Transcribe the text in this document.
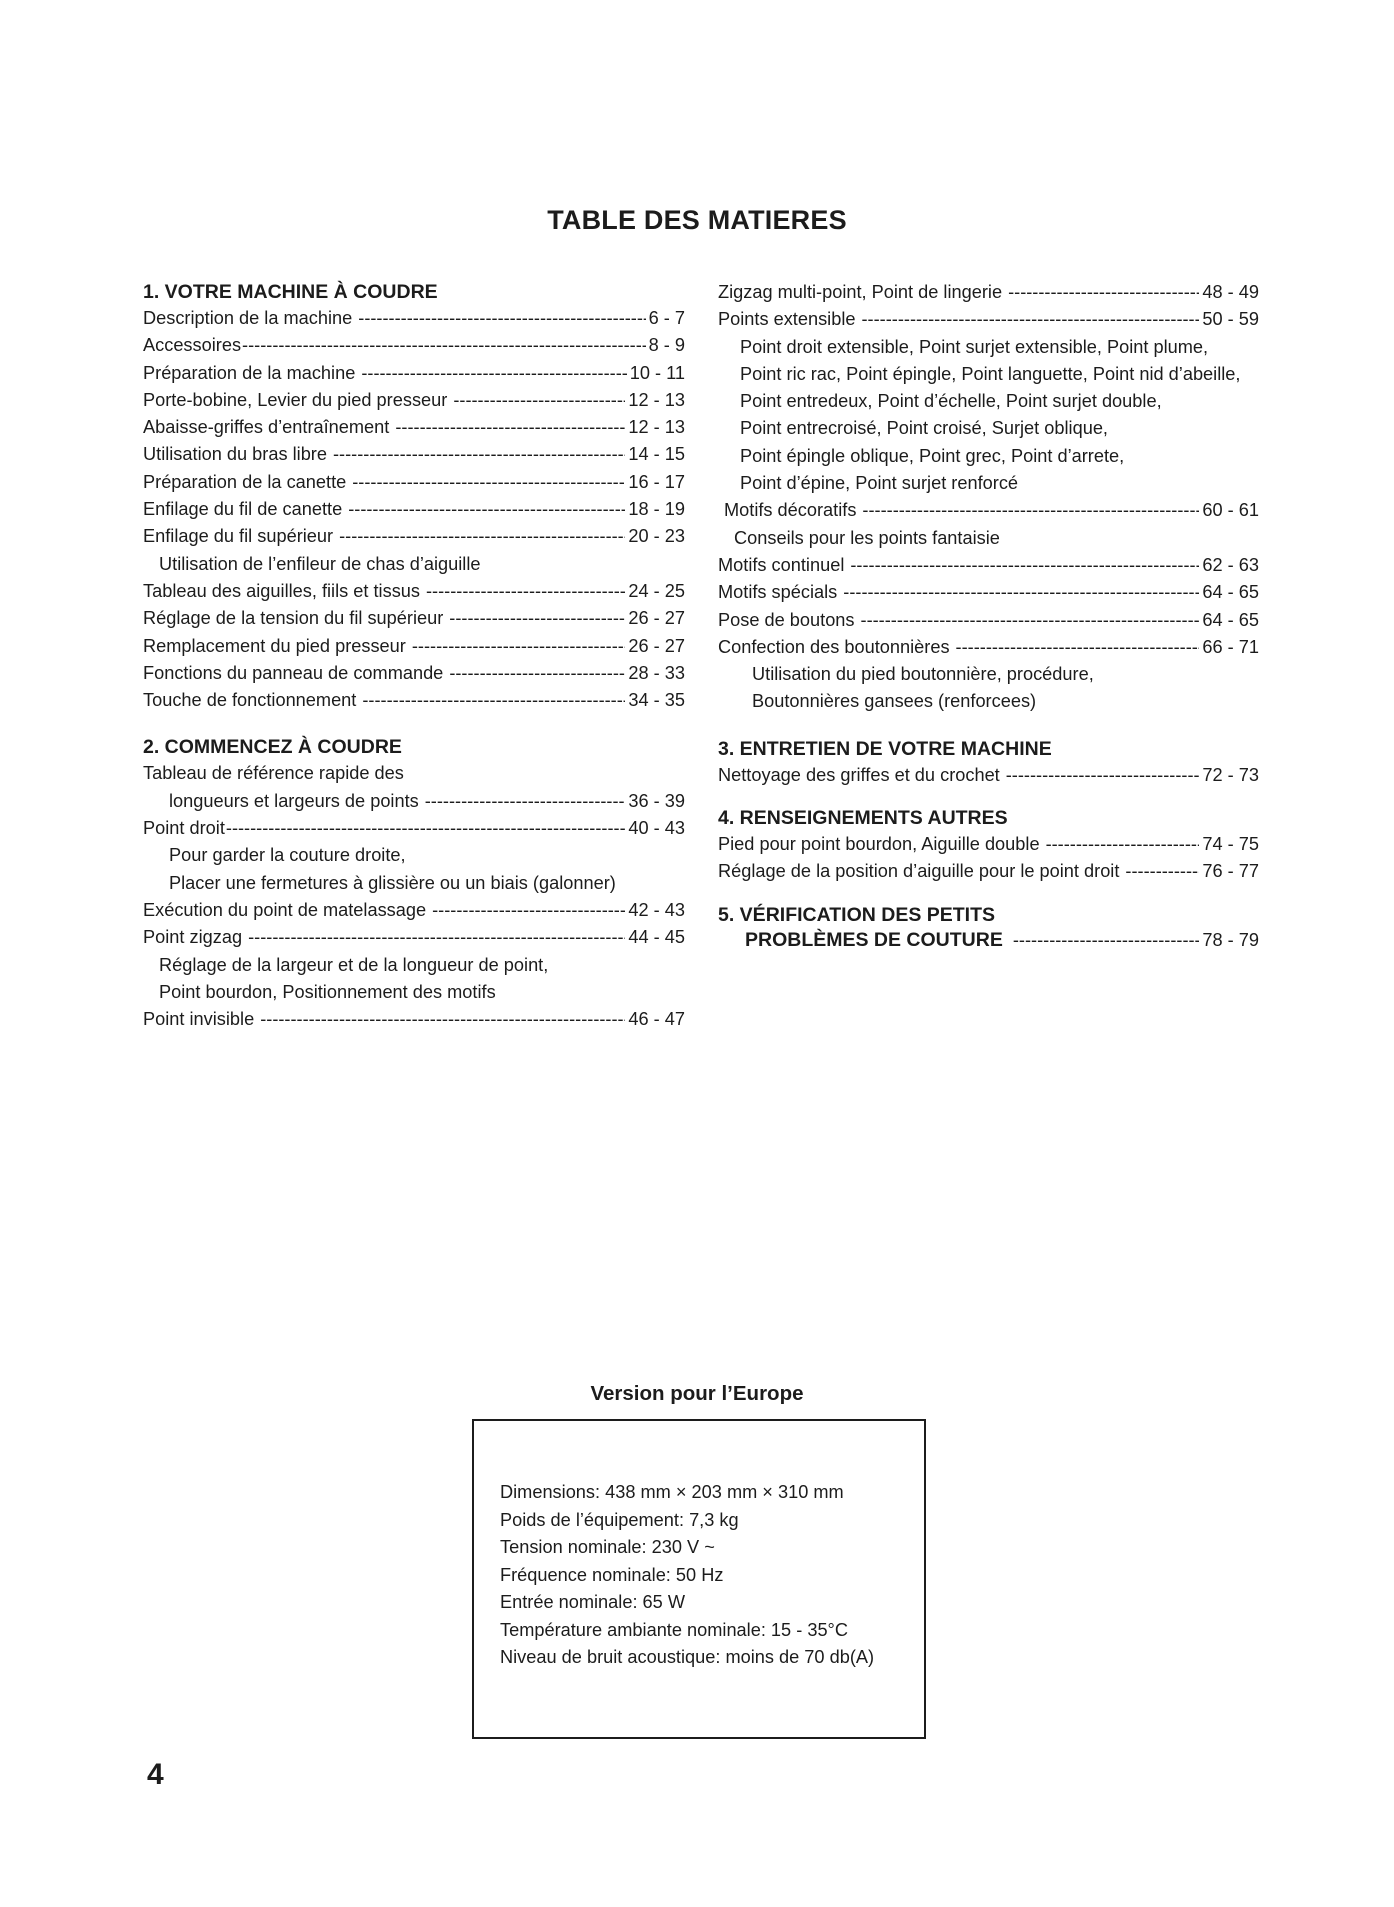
TABLE DES MATIERES
1. VOTRE MACHINE À COUDRE
Description de la machine -----	6 - 7
Accessoires -----	8 - 9
Préparation de la machine -----	10 - 11
Porte-bobine, Levier du pied presseur -----	12 - 13
Abaisse-griffes d’entraînement -----	12 - 13
Utilisation du bras libre -----	14 - 15
Préparation de la canette -----	16 - 17
Enfilage du fil de canette -----	18 - 19
Enfilage du fil supérieur -----	20 - 23
Utilisation de l’enfileur de chas d’aiguille
Tableau des aiguilles, fiils et tissus -----	24 - 25
Réglage de la tension du fil supérieur -----	26 - 27
Remplacement du pied presseur -----	26 - 27
Fonctions du panneau de commande -----	28 - 33
Touche de fonctionnement -----	34 - 35
2. COMMENCEZ À COUDRE
Tableau de référence rapide des
longueurs et largeurs de points -----	36 - 39
Point droit -----	40 - 43
Pour garder la couture droite,
Placer une fermetures à glissière ou un biais (galonner)
Exécution du point de matelassage -----	42 - 43
Point zigzag -----	44 - 45
Réglage de la largeur et de la longueur de point,
Point bourdon, Positionnement des motifs
Point invisible -----	46 - 47
Zigzag multi-point, Point de lingerie -----	48 - 49
Points extensible -----	50 - 59
Point droit extensible, Point surjet extensible, Point plume,
Point ric rac, Point épingle, Point languette, Point nid d’abeille,
Point entredeux, Point d’échelle, Point surjet double,
Point entrecroisé, Point croisé, Surjet oblique,
Point épingle oblique, Point grec, Point d’arrete,
Point d’épine, Point surjet renforcé
Motifs décoratifs -----	60 - 61
Conseils pour les points fantaisie
Motifs continuel -----	62 - 63
Motifs spécials -----	64 - 65
Pose de boutons -----	64 - 65
Confection des boutonnières -----	66 - 71
Utilisation du pied boutonnière, procédure,
Boutonnières gansees (renforcees)
3. ENTRETIEN DE VOTRE MACHINE
Nettoyage des griffes et du crochet -----	72 - 73
4. RENSEIGNEMENTS AUTRES
Pied pour point bourdon, Aiguille double -----	74 - 75
Réglage de la position d’aiguille pour le point droit -----	76 - 77
5. VÉRIFICATION DES PETITS
PROBLÈMES DE COUTURE -----	78 - 79
Version pour l’Europe
Dimensions: 438 mm × 203 mm × 310 mm
Poids de l’équipement: 7,3 kg
Tension nominale: 230 V ~
Fréquence nominale: 50 Hz
Entrée nominale: 65 W
Température ambiante nominale: 15 - 35°C
Niveau de bruit acoustique: moins de 70 db(A)
4
